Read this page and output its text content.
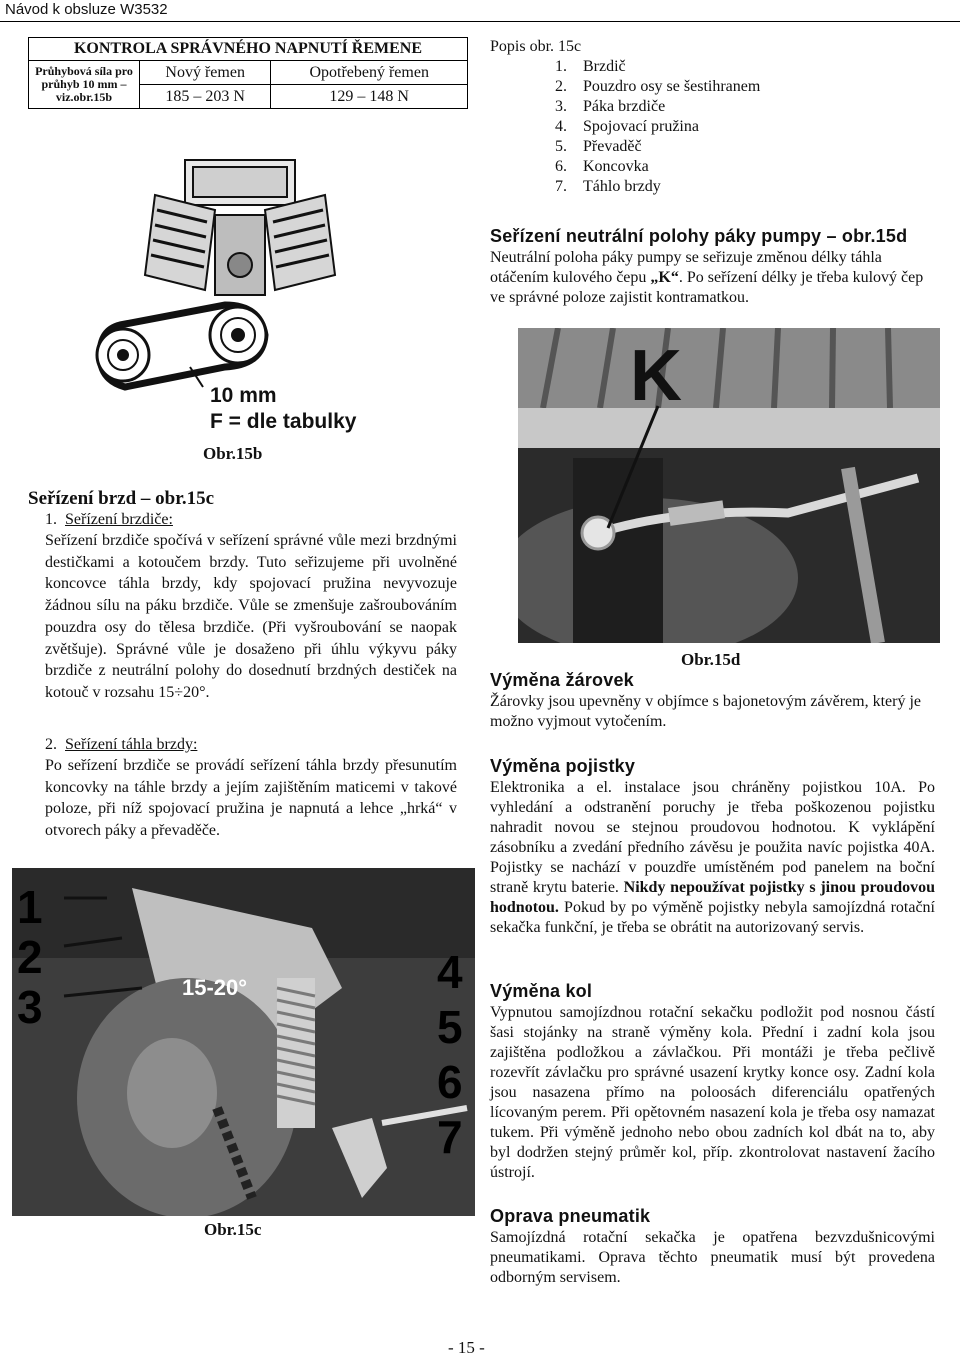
Návod k obsluze W3532
KONTROLA SPRÁVNÉHO NAPNUTÍ ŘEMENE		
Průhybová síla pro průhyb 10 mm – viz.obr.15b	Nový řemen	Opotřebený řemen
	185 – 203 N	129 – 148 N
10 mm
F = dle tabulky
Obr.15b
Popis obr. 15c
1.	Brzdič
2.	Pouzdro osy se šestihranem
3.	Páka brzdiče
4.	Spojovací pružina
5.	Převaděč
6.	Koncovka
7.	Táhlo brzdy
Seřízení neutrální polohy páky pumpy – obr.15d
Neutrální poloha páky pumpy se seřizuje změnou délky táhla otáčením kulového čepu „K“. Po seřízení délky je třeba kulový čep ve správné poloze zajistit kontramatkou.
K
Obr.15d
Seřízení brzd – obr.15c
1. Seřízení brzdiče:
Seřízení brzdiče spočívá v seřízení správné vůle mezi brzdnými destičkami a kotoučem brzdy. Tuto seřizujeme při uvolněné koncovce táhla brzdy, kdy spojovací pružina nevyvozuje žádnou sílu na páku brzdiče. Vůle se zmenšuje zašroubováním pouzdra osy do tělesa brzdiče. (Při vyšroubování se naopak zvětšuje). Správné vůle je dosaženo při úhlu výkyvu páky brzdiče z neutrální polohy do dosednutí brzdných destiček na kotouč v rozsahu 15÷20°.
2. Seřízení táhla brzdy:
Po seřízení brzdiče se provádí seřízení táhla brzdy přesunutím koncovky na táhle brzdy a jejím zajištěním maticemi v takové poloze, při níž spojovací pružina je napnutá a lehce „hrká“ v otvorech páky a převaděče.
1
2
3
4
5
6
7
15-20°
Obr.15c
Výměna žárovek
Žárovky jsou upevněny v objímce s bajonetovým závěrem, který je možno vyjmout vytočením.
Výměna pojistky
Elektronika a el. instalace jsou chráněny pojistkou 10A. Po vyhledání a odstranění poruchy je třeba poškozenou pojistku nahradit novou se stejnou proudovou hodnotou. K vyklápění zásobníku a zvedání předního závěsu je použita navíc pojistka 40A. Pojistky se nachází v pouzdře umístěném pod panelem na boční straně krytu baterie. Nikdy nepoužívat pojistky s jinou proudovou hodnotou. Pokud by po výměně pojistky nebyla samojízdná rotační sekačka funkční, je třeba se obrátit na autorizovaný servis.
Výměna kol
Vypnutou samojízdnou rotační sekačku podložit pod nosnou částí šasi stojánky na straně výměny kola. Přední i zadní kola jsou zajištěna podložkou a závlačkou. Při montáži je třeba pečlivě rozevřít závlačku pro správné usazení krytky konce osy. Zadní kola jsou nasazena přímo na poloosách diferenciálu opatřených lícovaným perem. Při opětovném nasazení kola je třeba osy namazat tukem. Při výměně jednoho nebo obou zadních kol dbát na to, aby byl dodržen stejný průměr kol, příp. zkontrolovat nastavení žacího ústrojí.
Oprava pneumatik
Samojízdná rotační sekačka je opatřena bezvzdušnicovými pneumatikami. Oprava těchto pneumatik musí být provedena odborným servisem.
- 15 -
